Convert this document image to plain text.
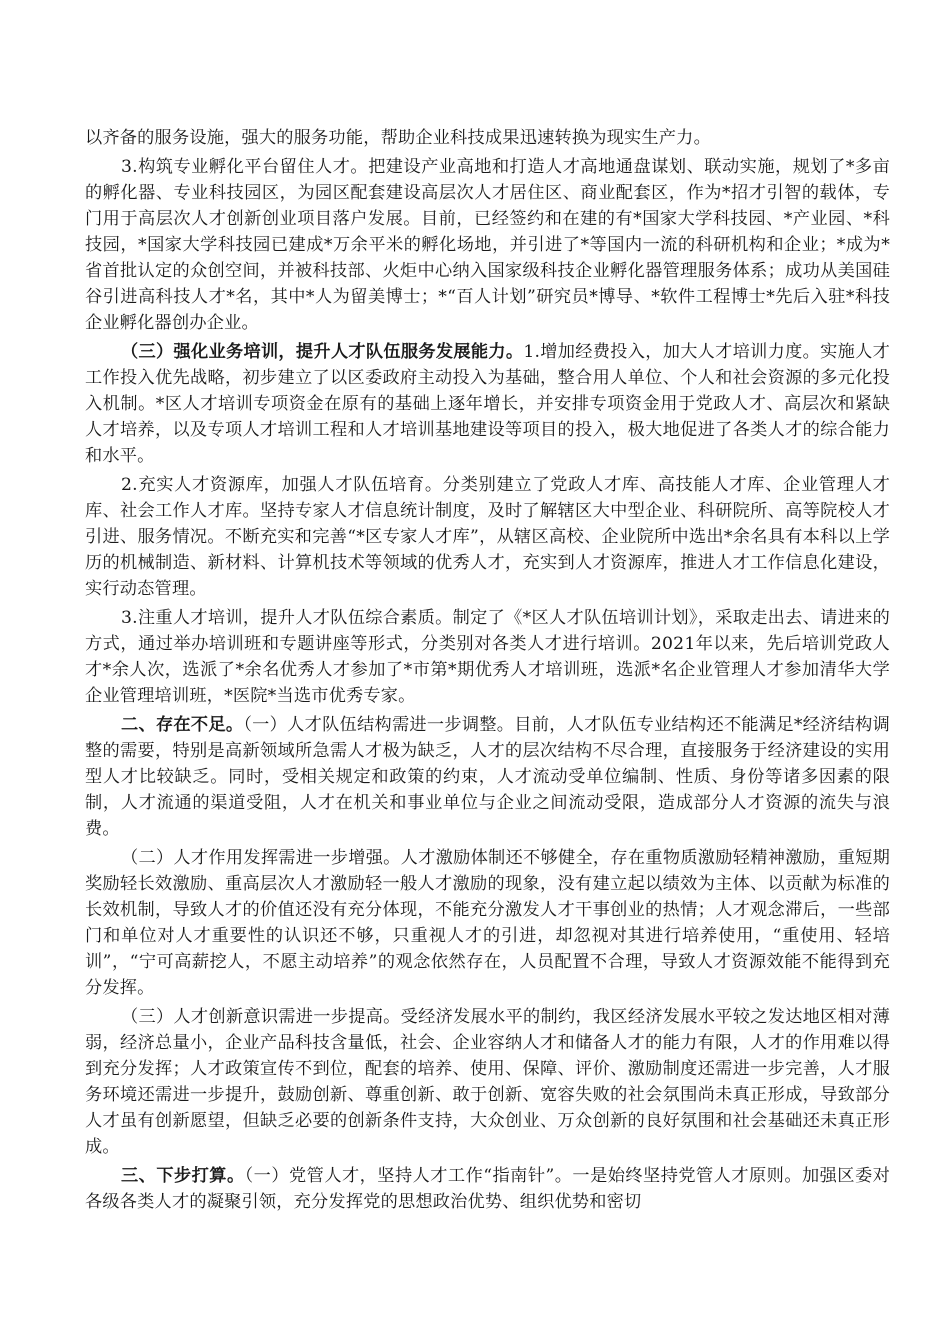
以齐备的服务设施，强大的服务功能，帮助企业科技成果迅速转换为现实生产力。

3.构筑专业孵化平台留住人才。把建设产业高地和打造人才高地通盘谋划、联动实施，规划了*多亩的孵化器、专业科技园区，为园区配套建设高层次人才居住区、商业配套区，作为*招才引智的载体，专门用于高层次人才创新创业项目落户发展。目前，已经签约和在建的有*国家大学科技园、*产业园、*科技园，*国家大学科技园已建成*万余平米的孵化场地，并引进了*等国内一流的科研机构和企业；*成为*省首批认定的众创空间，并被科技部、火炬中心纳入国家级科技企业孵化器管理服务体系；成功从美国硅谷引进高科技人才*名，其中*人为留美博士；*“百人计划”研究员*博导、*软件工程博士*先后入驻*科技企业孵化器创办企业。

（三）强化业务培训，提升人才队伍服务发展能力。1.增加经费投入，加大人才培训力度。实施人才工作投入优先战略，初步建立了以区委政府主动投入为基础，整合用人单位、个人和社会资源的多元化投入机制。*区人才培训专项资金在原有的基础上逐年增长，并安排专项资金用于党政人才、高层次和紧缺人才培养，以及专项人才培训工程和人才培训基地建设等项目的投入，极大地促进了各类人才的综合能力和水平。

2.充实人才资源库，加强人才队伍培育。分类别建立了党政人才库、高技能人才库、企业管理人才库、社会工作人才库。坚持专家人才信息统计制度，及时了解辖区大中型企业、科研院所、高等院校人才引进、服务情况。不断充实和完善“*区专家人才库”，从辖区高校、企业院所中选出*余名具有本科以上学历的机械制造、新材料、计算机技术等领域的优秀人才，充实到人才资源库，推进人才工作信息化建设，实行动态管理。

3.注重人才培训，提升人才队伍综合素质。制定了《*区人才队伍培训计划》，采取走出去、请进来的方式，通过举办培训班和专题讲座等形式，分类别对各类人才进行培训。2021年以来，先后培训党政人才*余人次，选派了*余名优秀人才参加了*市第*期优秀人才培训班，选派*名企业管理人才参加清华大学企业管理培训班，*医院*当选市优秀专家。

二、存在不足。（一）人才队伍结构需进一步调整。目前，人才队伍专业结构还不能满足*经济结构调整的需要，特别是高新领域所急需人才极为缺乏，人才的层次结构不尽合理，直接服务于经济建设的实用型人才比较缺乏。同时，受相关规定和政策的约束，人才流动受单位编制、性质、身份等诸多因素的限制，人才流通的渠道受阻，人才在机关和事业单位与企业之间流动受限，造成部分人才资源的流失与浪费。

（二）人才作用发挥需进一步增强。人才激励体制还不够健全，存在重物质激励轻精神激励，重短期奖励轻长效激励、重高层次人才激励轻一般人才激励的现象，没有建立起以绩效为主体、以贡献为标准的长效机制，导致人才的价值还没有充分体现，不能充分激发人才干事创业的热情；人才观念滞后，一些部门和单位对人才重要性的认识还不够，只重视人才的引进，却忽视对其进行培养使用，“重使用、轻培训”，“宁可高薪挖人，不愿主动培养”的观念依然存在，人员配置不合理，导致人才资源效能不能得到充分发挥。

（三）人才创新意识需进一步提高。受经济发展水平的制约，我区经济发展水平较之发达地区相对薄弱，经济总量小，企业产品科技含量低，社会、企业容纳人才和储备人才的能力有限，人才的作用难以得到充分发挥；人才政策宣传不到位，配套的培养、使用、保障、评价、激励制度还需进一步完善，人才服务环境还需进一步提升，鼓励创新、尊重创新、敢于创新、宽容失败的社会氛围尚未真正形成，导致部分人才虽有创新愿望，但缺乏必要的创新条件支持，大众创业、万众创新的良好氛围和社会基础还未真正形成。

三、下步打算。（一）党管人才，坚持人才工作“指南针”。一是始终坚持党管人才原则。加强区委对各级各类人才的凝聚引领，充分发挥党的思想政治优势、组织优势和密切
